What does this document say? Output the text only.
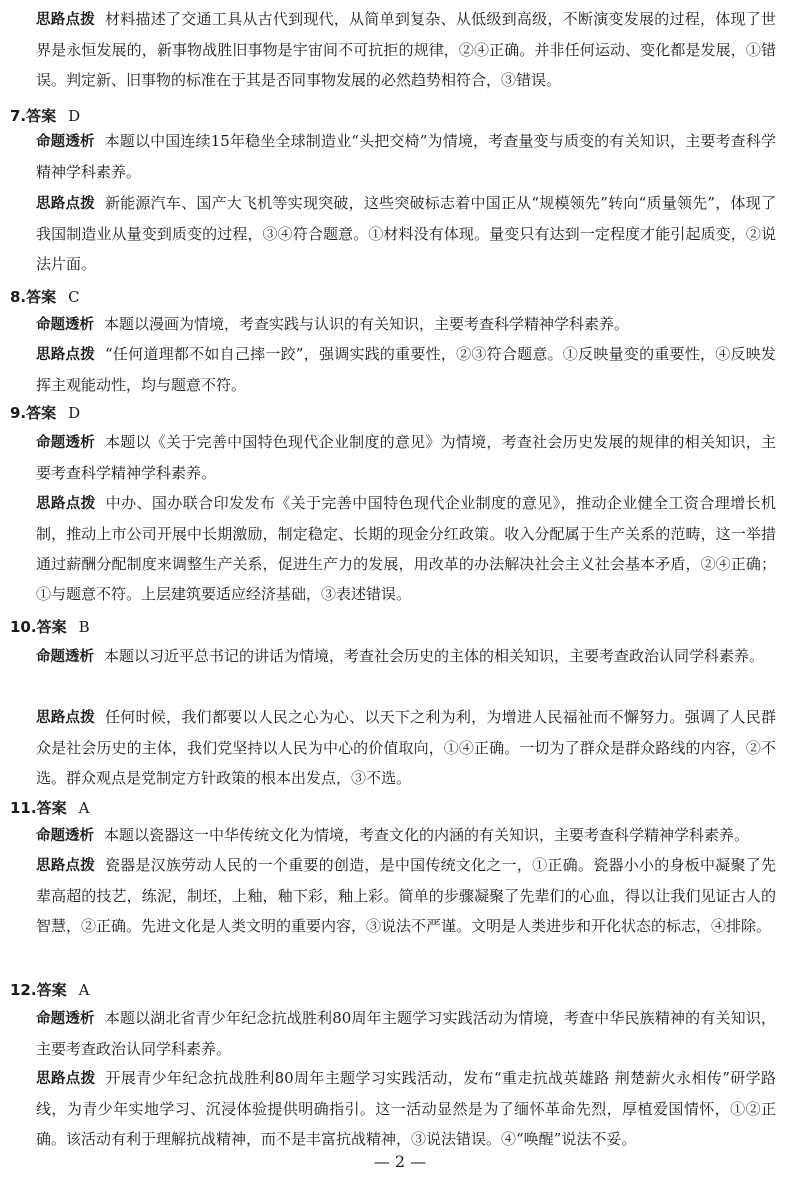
思路点拨 材料描述了交通工具从古代到现代，从简单到复杂、从低级到高级，不断演变发展的过程，体现了世界是永恒发展的，新事物战胜旧事物是宇宙间不可抗拒的规律，②④正确。并非任何运动、变化都是发展，①错误。判定新、旧事物的标准在于其是否同事物发展的必然趋势相符合，③错误。

7.答案 D

命题透析 本题以中国连续15年稳坐全球制造业“头把交椅”为情境，考查量变与质变的有关知识，主要考查科学精神学科素养。

思路点拨 新能源汽车、国产大飞机等实现突破，这些突破标志着中国正从“规模领先”转向“质量领先”，体现了我国制造业从量变到质变的过程，③④符合题意。①材料没有体现。量变只有达到一定程度才能引起质变，②说法片面。

8.答案 C

命题透析 本题以漫画为情境，考查实践与认识的有关知识，主要考查科学精神学科素养。

思路点拨 “任何道理都不如自己摔一跤”，强调实践的重要性，②③符合题意。①反映量变的重要性，④反映发挥主观能动性，均与题意不符。

9.答案 D

命题透析 本题以《关于完善中国特色现代企业制度的意见》为情境，考查社会历史发展的规律的相关知识，主要考查科学精神学科素养。

思路点拨 中办、国办联合印发发布《关于完善中国特色现代企业制度的意见》，推动企业健全工资合理增长机制，推动上市公司开展中长期激励，制定稳定、长期的现金分红政策。收入分配属于生产关系的范畴，这一举措通过薪酬分配制度来调整生产关系，促进生产力的发展，用改革的办法解决社会主义社会基本矛盾，②④正确；①与题意不符。上层建筑要适应经济基础，③表述错误。

10.答案 B

命题透析 本题以习近平总书记的讲话为情境，考查社会历史的主体的相关知识，主要考查政治认同学科素养。

思路点拨 任何时候，我们都要以人民之心为心、以天下之利为利，为增进人民福祉而不懈努力。强调了人民群众是社会历史的主体，我们党坚持以人民为中心的价值取向，①④正确。一切为了群众是群众路线的内容，②不选。群众观点是党制定方针政策的根本出发点，③不选。

11.答案 A

命题透析 本题以瓷器这一中华传统文化为情境，考查文化的内涵的有关知识，主要考查科学精神学科素养。

思路点拨 瓷器是汉族劳动人民的一个重要的创造，是中国传统文化之一，①正确。瓷器小小的身板中凝聚了先辈高超的技艺，练泥，制坯，上釉，釉下彩，釉上彩。简单的步骤凝聚了先辈们的心血，得以让我们见证古人的智慧，②正确。先进文化是人类文明的重要内容，③说法不严谨。文明是人类进步和开化状态的标志，④排除。

12.答案 A

命题透析 本题以湖北省青少年纪念抗战胜利80周年主题学习实践活动为情境，考查中华民族精神的有关知识，主要考查政治认同学科素养。

思路点拨 开展青少年纪念抗战胜利80周年主题学习实践活动，发布“重走抗战英雄路 荆楚薪火永相传”研学路线，为青少年实地学习、沉浸体验提供明确指引。这一活动显然是为了缅怀革命先烈，厚植爱国情怀，①②正确。该活动有利于理解抗战精神，而不是丰富抗战精神，③说法错误。④“唤醒”说法不妥。

— 2 —
